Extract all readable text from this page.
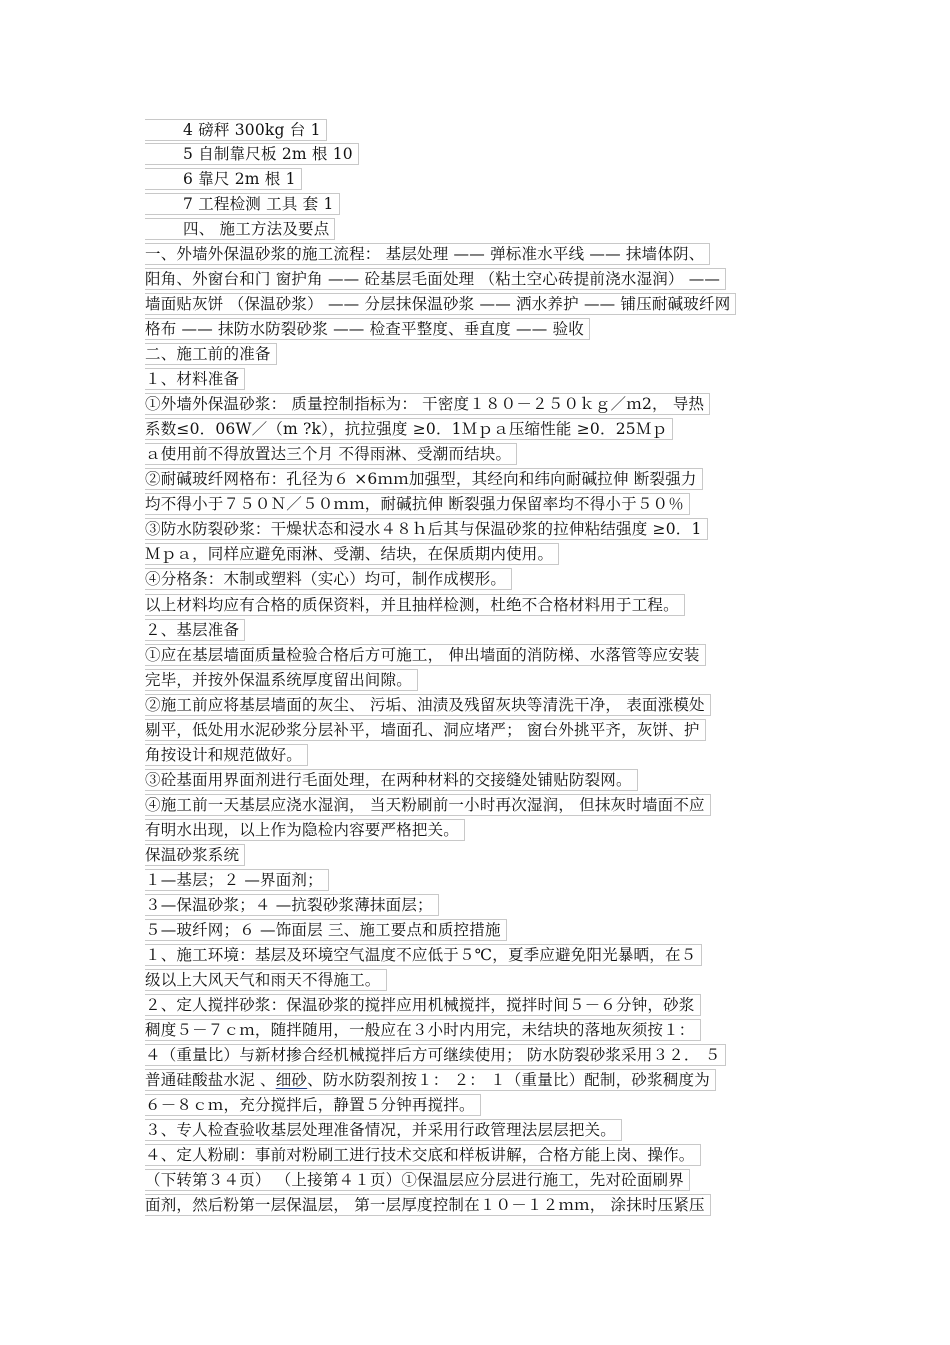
4 磅秤 300kg 台 1
5 自制靠尺板 2m 根 10
6 靠尺 2m 根 1
7 工程检测 工具 套 1
四、 施工方法及要点
一、外墙外保温砂浆的施工流程： 基层处理 —— 弹标准水平线 —— 抹墙体阴、
阳角、外窗台和门 窗护角 —— 砼基层毛面处理 （粘土空心砖提前浇水湿润） ——
墙面贴灰饼 （保温砂浆） —— 分层抹保温砂浆 —— 洒水养护 —— 铺压耐碱玻纤网
格布 —— 抹防水防裂砂浆 —— 检查平整度、垂直度 —— 验收
二、施工前的准备
１、材料准备
①外墙外保温砂浆： 质量控制指标为： 干密度１８０－２５０ｋｇ／ｍ2， 导热
系数≤0．06W／（m ?k），抗拉强度 ≥0．1Ｍｐａ压缩性能 ≥0．25Ｍｐ
ａ使用前不得放置达三个月 不得雨淋、受潮而结块。
②耐碱玻纤网格布：孔径为６ ×6ｍｍ加强型，其经向和纬向耐碱拉伸 断裂强力
均不得小于７５０Ｎ／５０ｍｍ，耐碱抗伸 断裂强力保留率均不得小于５０％
③防水防裂砂浆：干燥状态和浸水４８ｈ后其与保温砂浆的拉伸粘结强度 ≥0．1
Ｍｐａ，同样应避免雨淋、受潮、结块，在保质期内使用。
④分格条：木制或塑料（实心）均可，制作成楔形。
以上材料均应有合格的质保资料，并且抽样检测，杜绝不合格材料用于工程。
２、基层准备
①应在基层墙面质量检验合格后方可施工， 伸出墙面的消防梯、水落管等应安装
完毕，并按外保温系统厚度留出间隙。
②施工前应将基层墙面的灰尘、 污垢、油渍及残留灰块等清洗干净， 表面涨模处
剔平，低处用水泥砂浆分层补平，墙面孔、洞应堵严； 窗台外挑平齐，灰饼、护
角按设计和规范做好。
③砼基面用界面剂进行毛面处理，在两种材料的交接缝处铺贴防裂网。
④施工前一天基层应浇水湿润， 当天粉刷前一小时再次湿润， 但抹灰时墙面不应
有明水出现，以上作为隐检内容要严格把关。
保温砂浆系统
１—基层；２ —界面剂；
３—保温砂浆；４ —抗裂砂浆薄抹面层；
５—玻纤网；６ —饰面层 三、施工要点和质控措施
１、施工环境：基层及环境空气温度不应低于５℃，夏季应避免阳光暴晒，在５
级以上大风天气和雨天不得施工。
２、定人搅拌砂浆：保温砂浆的搅拌应用机械搅拌，搅拌时间５－６分钟，砂浆
稠度５－７ｃｍ，随拌随用，一般应在３小时内用完，未结块的落地灰须按１：
４（重量比）与新材掺合经机械搅拌后方可继续使用； 防水防裂砂浆采用３２． ５
普通硅酸盐水泥 、细砂、防水防裂剂按１： ２： １（重量比）配制，砂浆稠度为
６－８ｃｍ，充分搅拌后，静置５分钟再搅拌。
３、专人检查验收基层处理准备情况，并采用行政管理法层层把关。
４、定人粉刷：事前对粉刷工进行技术交底和样板讲解，合格方能上岗、操作。
（下转第３４页） （上接第４１页）①保温层应分层进行施工，先对砼面刷界
面剂，然后粉第一层保温层， 第一层厚度控制在１０－１２ｍｍ， 涂抹时压紧压
